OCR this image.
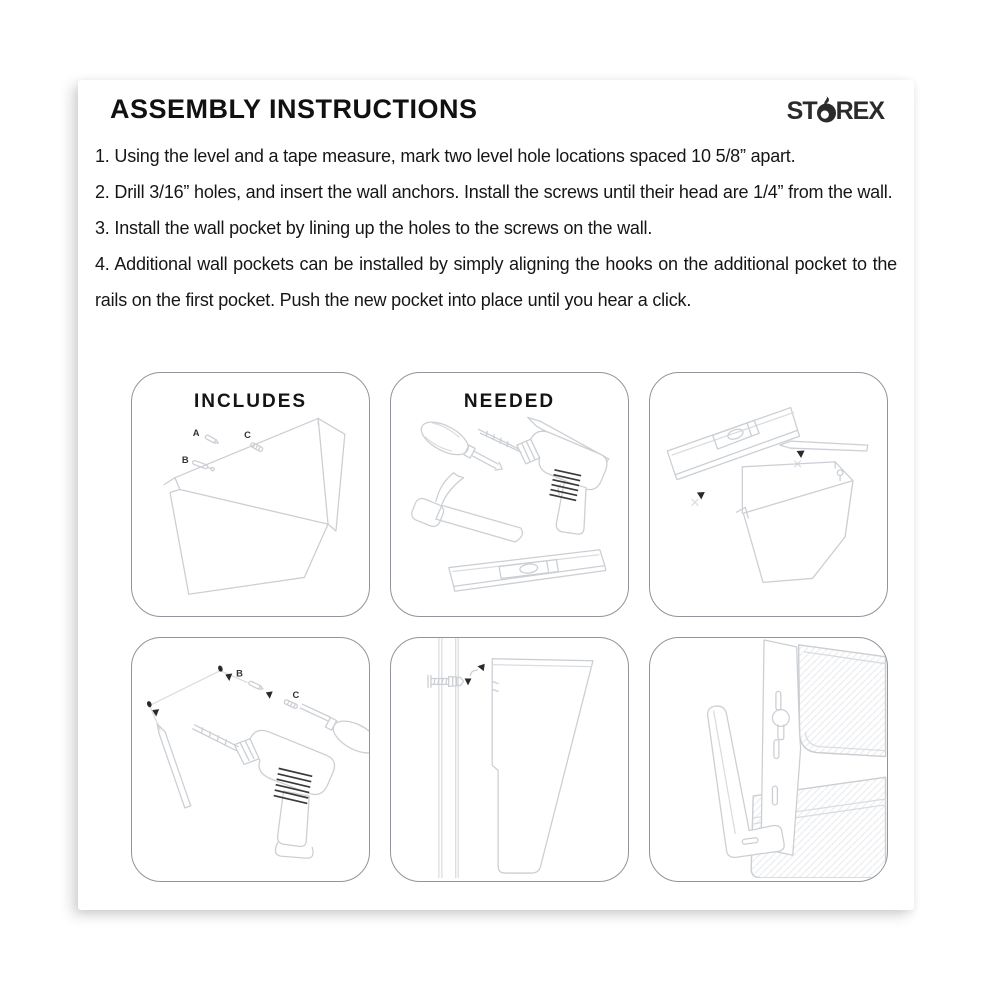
ASSEMBLY INSTRUCTIONS	ST REX

1. Using the level and a tape measure, mark two level hole locations spaced 10 5/8” apart.

2. Drill 3/16” holes, and insert the wall anchors. Install the screws until their head are 1/4” from the wall.

3. Install the wall pocket by lining up the holes to the screws on the wall.

4. Additional wall pockets can be installed by simply aligning the hooks on the additional pocket to the rails on the first pocket. Push the new pocket into place until you hear a click.

INCLUDES
A	C
B
NEEDED
B
C
